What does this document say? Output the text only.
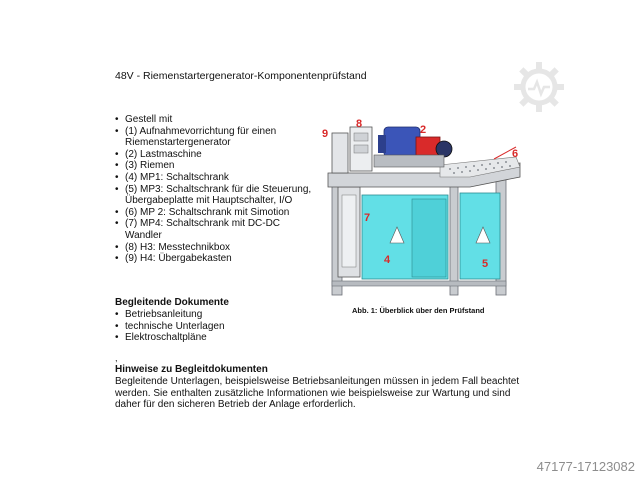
48V - Riemenstartergenerator-Komponentenprüfstand
• Gestell mit
• (1) Aufnahmevorrichtung für einen Riemenstartergenerator
• (2) Lastmaschine
• (3) Riemen
• (4) MP1: Schaltschrank
• (5) MP3: Schaltschrank für die Steuerung, Übergabeplatte mit Hauptschalter, I/O
• (6) MP 2: Schaltschrank mit Simotion
• (7) MP4: Schaltschrank mit DC-DC Wandler
• (8) H3: Messtechnikbox
• (9) H4: Übergabekasten
Begleitende Dokumente
• Betriebsanleitung
• technische Unterlagen
• Elektroschaltpläne
,
Hinweise zu Begleitdokumenten
Begleitende Unterlagen, beispielsweise Betriebsanleitungen müssen in jedem Fall beachtet werden. Sie enthalten zusätzliche Informationen wie beispielsweise zur Wartung und sind daher für den sicheren Betrieb der Anlage erforderlich.
9
8	2
6
7
4	5
Abb. 1: Überblick über den Prüfstand
47177-17123082
